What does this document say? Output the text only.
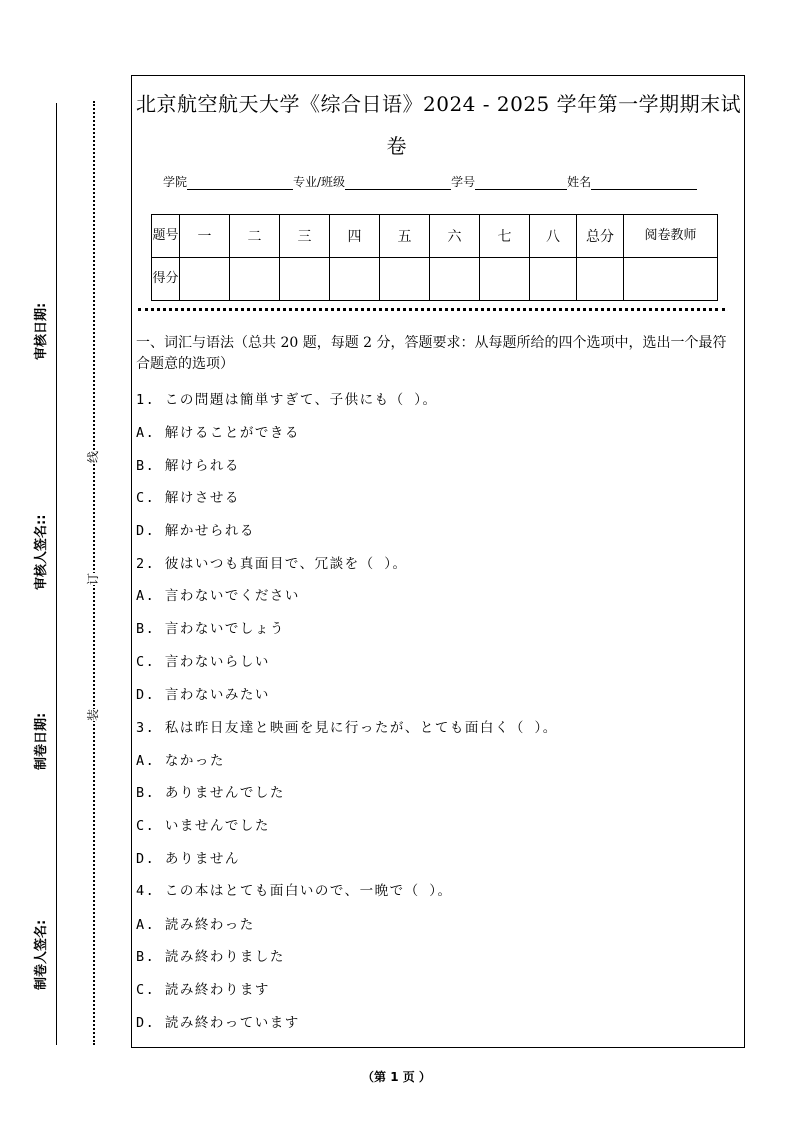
审核日期:
审核人签名::
制卷日期:
制卷人签名:
线
订
装
北京航空航天大学《综合日语》2024 - 2025 学年第一学期期末试
卷
学院	专业/班级	学号	姓名
题号	一	二	三	四	五	六	七	八	总分	阅卷教师
得分										
一、词汇与语法（总共 20 题，每题 2 分，答题要求：从每题所给的四个选项中，选出一个最符合题意的选项）
1. この問題は簡単すぎて、子供にも（ ）。
A. 解けることができる
B. 解けられる
C. 解けさせる
D. 解かせられる
2. 彼はいつも真面目で、冗談を（ ）。
A. 言わないでください
B. 言わないでしょう
C. 言わないらしい
D. 言わないみたい
3. 私は昨日友達と映画を見に行ったが、とても面白く（ ）。
A. なかった
B. ありませんでした
C. いませんでした
D. ありません
4. この本はとても面白いので、一晩で（ ）。
A. 読み終わった
B. 読み終わりました
C. 読み終わります
D. 読み終わっています
（第 1 页 ）
